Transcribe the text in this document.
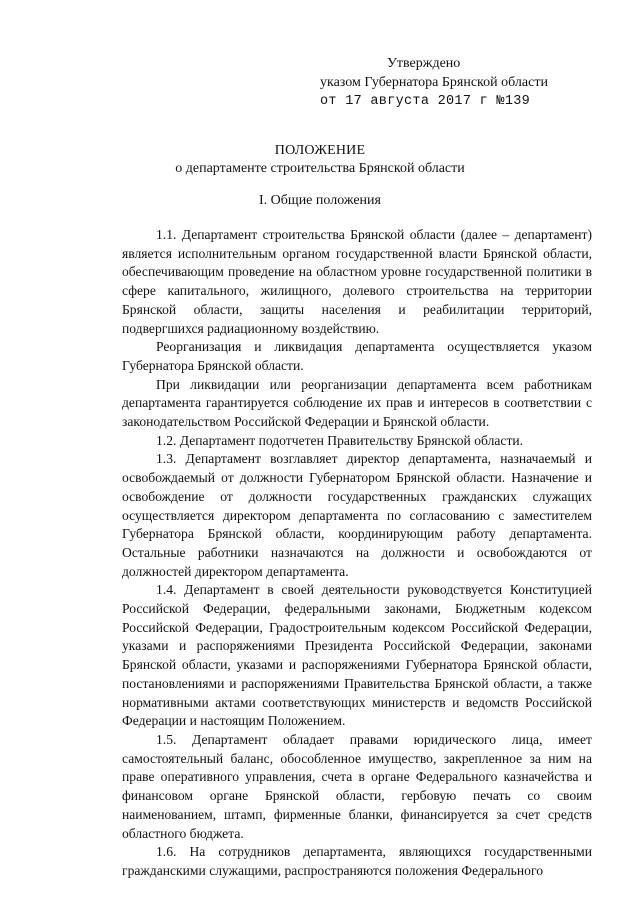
Утверждено
указом Губернатора Брянской области
от 17 августа 2017 г №139
ПОЛОЖЕНИЕ
о департаменте строительства Брянской области
I. Общие положения

1.1. Департамент строительства Брянской области (далее – департамент) является исполнительным органом государственной власти Брянской области, обеспечивающим проведение на областном уровне государственной политики в сфере капитального, жилищного, долевого строительства на территории Брянской области, защиты населения и реабилитации территорий, подвергшихся радиационному воздействию.

Реорганизация и ликвидация департамента осуществляется указом Губернатора Брянской области.

При ликвидации или реорганизации департамента всем работникам департамента гарантируется соблюдение их прав и интересов в соответствии с законодательством Российской Федерации и Брянской области.

1.2. Департамент подотчетен Правительству Брянской области.

1.3. Департамент возглавляет директор департамента, назначаемый и освобождаемый от должности Губернатором Брянской области. Назначение и освобождение от должности государственных гражданских служащих осуществляется директором департамента по согласованию с заместителем Губернатора Брянской области, координирующим работу департамента. Остальные работники назначаются на должности и освобождаются от должностей директором департамента.

1.4. Департамент в своей деятельности руководствуется Конституцией Российской Федерации, федеральными законами, Бюджетным кодексом Российской Федерации, Градостроительным кодексом Российской Федерации, указами и распоряжениями Президента Российской Федерации, законами Брянской области, указами и распоряжениями Губернатора Брянской области, постановлениями и распоряжениями Правительства Брянской области, а также нормативными актами соответствующих министерств и ведомств Российской Федерации и настоящим Положением.

1.5. Департамент обладает правами юридического лица, имеет самостоятельный баланс, обособленное имущество, закрепленное за ним на праве оперативного управления, счета в органе Федерального казначейства и финансовом органе Брянской области, гербовую печать со своим наименованием, штамп, фирменные бланки, финансируется за счет средств областного бюджета.

1.6. На сотрудников департамента, являющихся государственными гражданскими служащими, распространяются положения Федерального
